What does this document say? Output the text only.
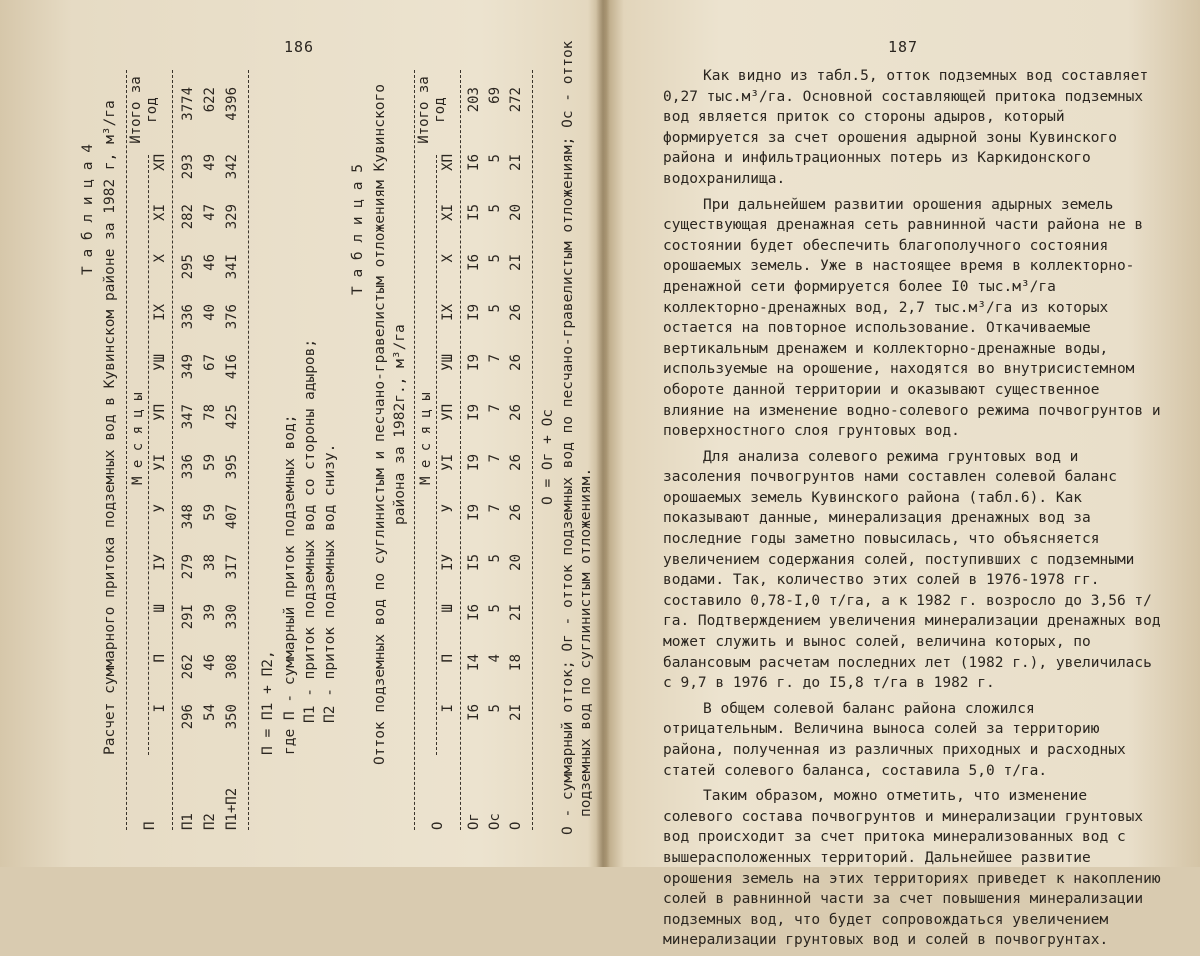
186	187
Т а б л и ц а 4 Расчет суммарного притока подземных вод в Кувинском районе за 1982 г, м³/га
П
М е с я ц ы
Итого за год
I
П
Ш
IУ
У
УI
УП
УШ
IХ
Х
ХI
ХП
П1
296
262
29I
279
348
336
347
349
336
295
282
293
3774
П2
54
46
39
38
59
59
78
67
40
46
47
49
622
П1+П2
350
308
330
3I7
407
395
425
4I6
376
34I
329
342
4396
П = П1 + П2, где П - суммарный приток подземных вод; П1 - приток подземных вод со стороны адыров; П2 - приток подземных вод снизу.
Т а б л и ц а 5 Отток подземных вод по суглинистым и песчано-гравелистым отложениям Кувинского района за 1982г., м³/га
О
М е с я ц ы
Итого за год
I
П
Ш
IУ
У
УI
УП
УШ
IХ
Х
ХI
ХП
Ог
I6
I4
I6
I5
I9
I9
I9
I9
I9
I6
I5
I6
203
Ос
5
4
5
5
7
7
7
7
5
5
5
5
69
О
2I
I8
2I
20
26
26
26
26
26
2I
20
2I
272
О = Ог + Ос О - суммарный отток; Ог - отток подземных вод по песчано-гравелистым отложениям; Ос - отток подземных вод по суглинистым отложениям.

Как видно из табл.5, отток подземных вод составляет 0,27 тыс.м³/га. Основной составляющей притока подземных вод является приток со стороны адыров, который формируется за счет орошения адырной зоны Кувинского района и инфильтрационных потерь из Каркидонского водохранилища.

При дальнейшем развитии орошения адырных земель существующая дренажная сеть равнинной части района не в состоянии будет обеспечить благополучного состояния орошаемых земель. Уже в настоящее время в коллекторно-дренажной сети формируется более I0 тыс.м³/га коллекторно-дренажных вод, 2,7 тыс.м³/га из которых остается на повторное использование. Откачиваемые вертикальным дренажем и коллекторно-дренажные воды, используемые на орошение, находятся во внутрисистемном обороте данной территории и оказывают существенное влияние на изменение водно-солевого режима почвогрунтов и поверхностного слоя грунтовых вод.

Для анализа солевого режима грунтовых вод и засоления почвогрунтов нами составлен солевой баланс орошаемых земель Кувинского района (табл.6). Как показывают данные, минерализация дренажных вод за последние годы заметно повысилась, что объясняется увеличением содержания солей, поступивших с подземными водами. Так, количество этих солей в 1976-1978 гг. составило 0,78-I,0 т/га, а к 1982 г. возросло до 3,56 т/га. Подтверждением увеличения минерализации дренажных вод может служить и вынос солей, величина которых, по балансовым расчетам последних лет (1982 г.), увеличилась с 9,7 в 1976 г. до I5,8 т/га в 1982 г.

В общем солевой баланс района сложился отрицательным. Величина выноса солей за территорию района, полученная из различных приходных и расходных статей солевого баланса, составила 5,0 т/га.

Таким образом, можно отметить, что изменение солевого состава почвогрунтов и минерализации грунтовых вод происходит за счет притока минерализованных вод с вышерасположенных территорий. Дальнейшее развитие орошения земель на этих территориях приведет к накоплению солей в равнинной части за счет повышения минерализации подземных вод, что будет сопровождаться увеличением минерализации грунтовых вод и солей в почвогрунтах.
